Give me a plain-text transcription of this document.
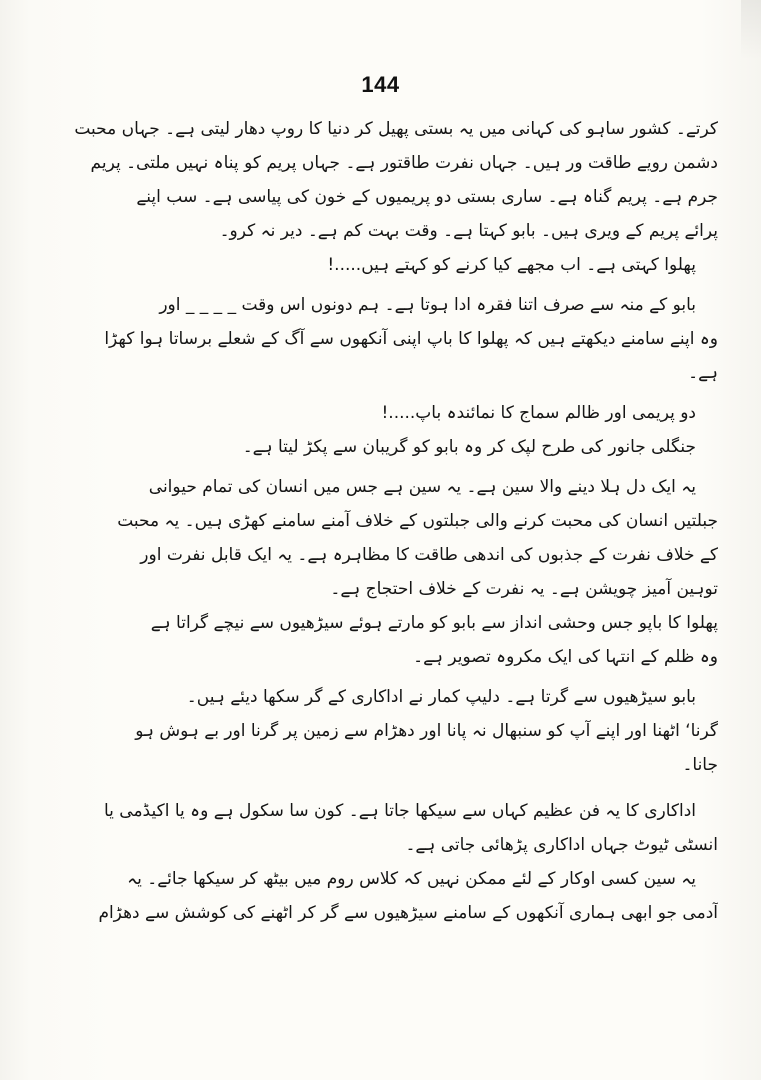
144
کرتے۔ کشور ساہو کی کہانی میں یہ بستی پھیل کر دنیا کا روپ دھار لیتی ہے۔ جہاں محبت
دشمن رویے طاقت ور ہیں۔ جہاں نفرت طاقتور ہے۔ جہاں پریم کو پناہ نہیں ملتی۔ پریم
جرم ہے۔ پریم گناہ ہے۔ ساری بستی دو پریمیوں کے خون کی پیاسی ہے۔ سب اپنے
پرائے پریم کے ویری ہیں۔ بابو کہتا ہے۔ وقت بہت کم ہے۔ دیر نہ کرو۔
پھلوا کہتی ہے۔ اب مجھے کیا کرنے کو کہتے ہیں.....!
بابو کے منہ سے صرف اتنا فقرہ ادا ہوتا ہے۔ ہم دونوں اس وقت _ _ _ _ اور
وہ اپنے سامنے دیکھتے ہیں کہ پھلوا کا باپ اپنی آنکھوں سے آگ کے شعلے برساتا ہوا کھڑا
ہے۔
دو پریمی اور ظالم سماج کا نمائندہ باپ.....!
جنگلی جانور کی طرح لپک کر وہ بابو کو گریبان سے پکڑ لیتا ہے۔
یہ ایک دل ہلا دینے والا سین ہے۔ یہ سین ہے جس میں انسان کی تمام حیوانی
جبلتیں انسان کی محبت کرنے والی جبلتوں کے خلاف آمنے سامنے کھڑی ہیں۔ یہ محبت
کے خلاف نفرت کے جذبوں کی اندھی طاقت کا مظاہرہ ہے۔ یہ ایک قابل نفرت اور
توہین آمیز چویشن ہے۔ یہ نفرت کے خلاف احتجاج ہے۔
پھلوا کا باپو جس وحشی انداز سے بابو کو مارتے ہوئے سیڑھیوں سے نیچے گراتا ہے
وہ ظلم کے انتہا کی ایک مکروہ تصویر ہے۔
بابو سیڑھیوں سے گرتا ہے۔ دلیپ کمار نے اداکاری کے گر سکھا دیئے ہیں۔
گرنا‘ اٹھنا اور اپنے آپ کو سنبھال نہ پانا اور دھڑام سے زمین پر گرنا اور بے ہوش ہو
جانا۔
اداکاری کا یہ فن عظیم کہاں سے سیکھا جاتا ہے۔ کون سا سکول ہے وہ یا اکیڈمی یا
انسٹی ٹیوٹ جہاں اداکاری پڑھائی جاتی ہے۔
یہ سین کسی اوکار کے لئے ممکن نہیں کہ کلاس روم میں بیٹھ کر سیکھا جائے۔ یہ
آدمی جو ابھی ہماری آنکھوں کے سامنے سیڑھیوں سے گر کر اٹھنے کی کوشش سے دھڑام
